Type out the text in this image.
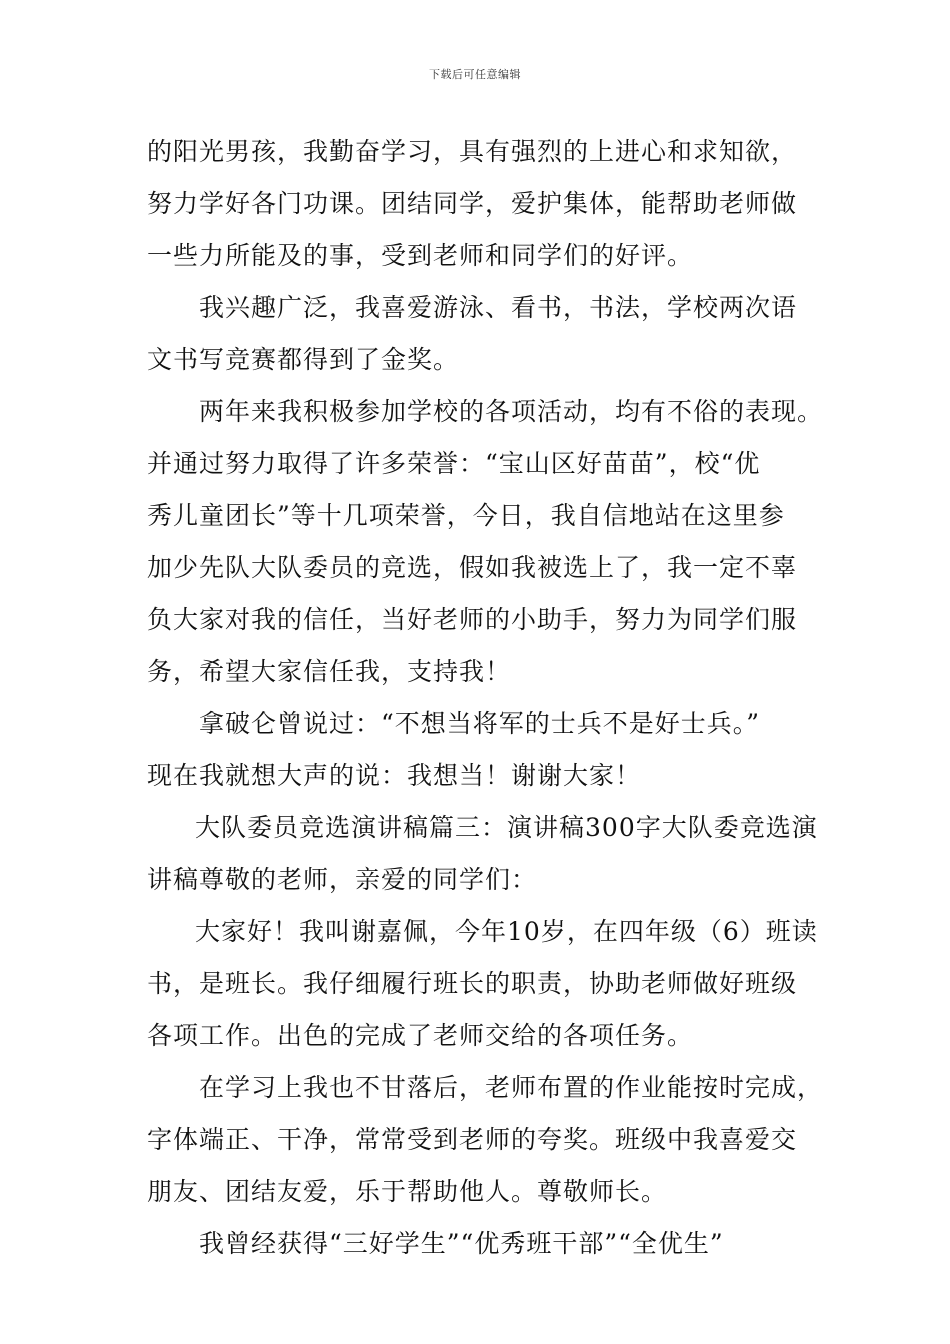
下载后可任意编辑
的阳光男孩，我勤奋学习，具有强烈的上进心和求知欲，
努力学好各门功课。团结同学，爱护集体，能帮助老师做
一些力所能及的事，受到老师和同学们的好评。
我兴趣广泛，我喜爱游泳、看书，书法，学校两次语
文书写竞赛都得到了金奖。
两年来我积极参加学校的各项活动，均有不俗的表现。
并通过努力取得了许多荣誉：“宝山区好苗苗”，校“优
秀儿童团长”等十几项荣誉，今日，我自信地站在这里参
加少先队大队委员的竞选，假如我被选上了，我一定不辜
负大家对我的信任，当好老师的小助手，努力为同学们服
务，希望大家信任我，支持我！
拿破仑曾说过：“不想当将军的士兵不是好士兵。”
现在我就想大声的说：我想当！谢谢大家！
大队委员竞选演讲稿篇三：演讲稿300字大队委竞选演
讲稿尊敬的老师，亲爱的同学们：
大家好！我叫谢嘉佩，今年10岁，在四年级（6）班读
书，是班长。我仔细履行班长的职责，协助老师做好班级
各项工作。出色的完成了老师交给的各项任务。
在学习上我也不甘落后，老师布置的作业能按时完成，
字体端正、干净，常常受到老师的夸奖。班级中我喜爱交
朋友、团结友爱，乐于帮助他人。尊敬师长。
我曾经获得“三好学生”“优秀班干部”“全优生”
